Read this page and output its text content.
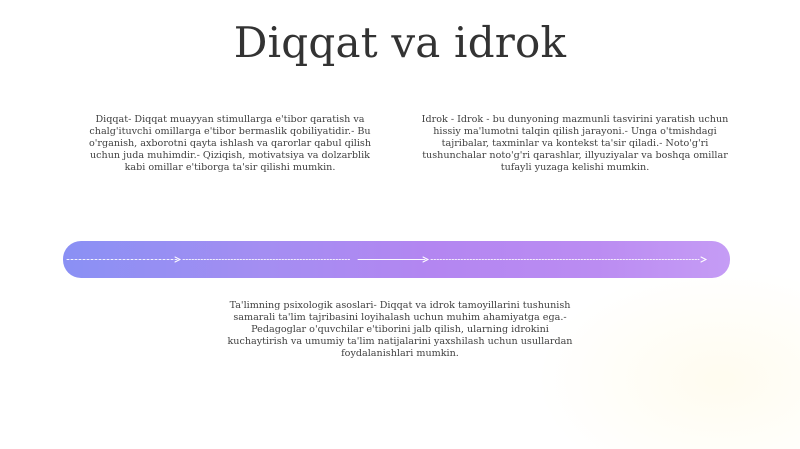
Diqqat va idrok

Diqqat- Diqqat muayyan stimullarga e'tibor qaratish va chalg'ituvchi omillarga e'tibor bermaslik qobiliyatidir.- Bu o'rganish, axborotni qayta ishlash va qarorlar qabul qilish uchun juda muhimdir.- Qiziqish, motivatsiya va dolzarblik kabi omillar e'tiborga ta'sir qilishi mumkin.

Idrok - Idrok - bu dunyoning mazmunli tasvirini yaratish uchun hissiy ma'lumotni talqin qilish jarayoni.- Unga o'tmishdagi tajribalar, taxminlar va kontekst ta'sir qiladi.- Noto'g'ri tushunchalar noto'g'ri qarashlar, illyuziyalar va boshqa omillar tufayli yuzaga kelishi mumkin.

Ta'limning psixologik asoslari- Diqqat va idrok tamoyillarini tushunish samarali ta'lim tajribasini loyihalash uchun muhim ahamiyatga ega.- Pedagoglar o'quvchilar e'tiborini jalb qilish, ularning idrokini kuchaytirish va umumiy ta'lim natijalarini yaxshilash uchun usullardan foydalanishlari mumkin.
